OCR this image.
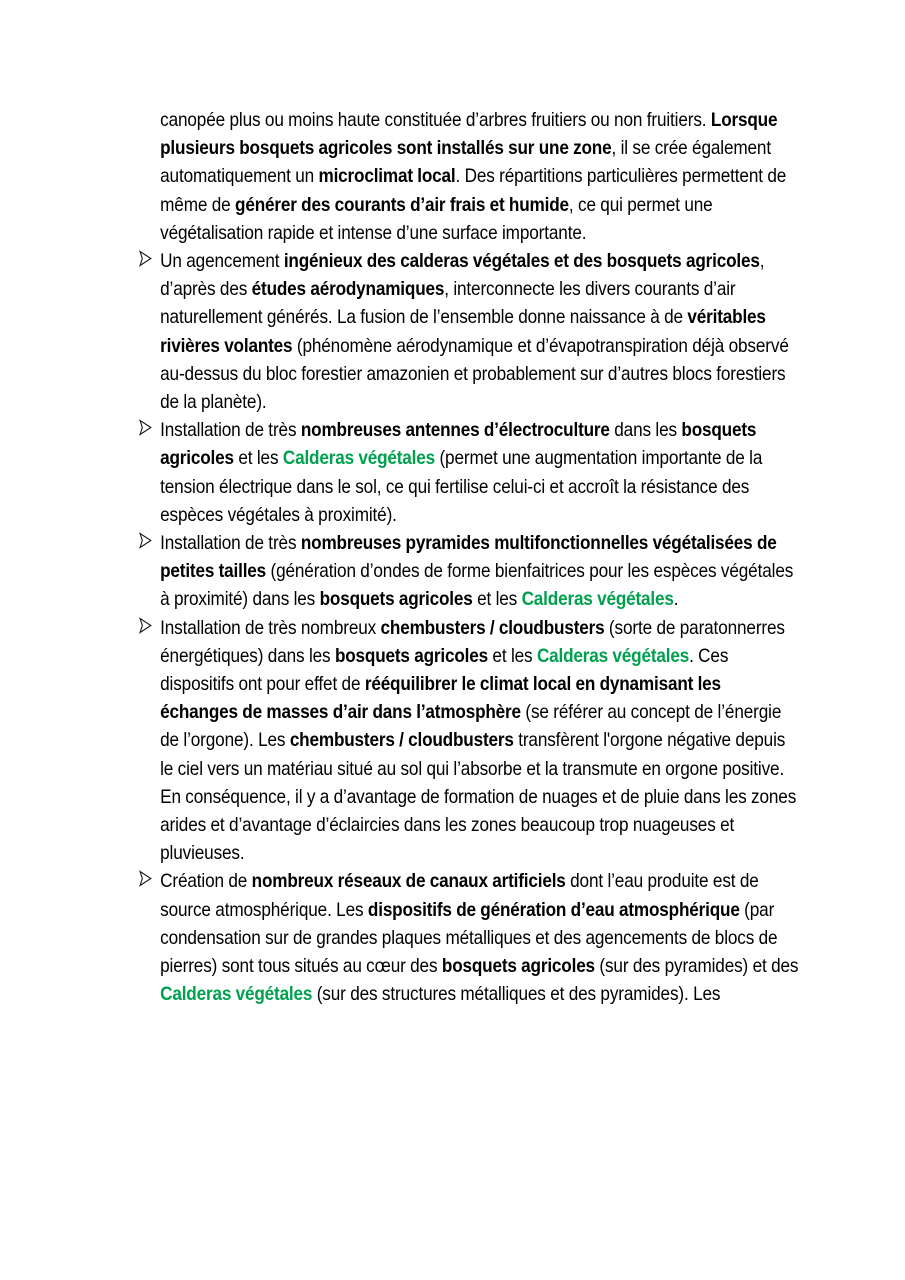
canopée plus ou moins haute constituée d’arbres fruitiers ou non fruitiers. Lorsque plusieurs bosquets agricoles sont installés sur une zone, il se crée également automatiquement un microclimat local. Des répartitions particulières permettent de même de générer des courants d’air frais et humide, ce qui permet une végétalisation rapide et intense d’une surface importante.
Un agencement ingénieux des calderas végétales et des bosquets agricoles, d’après des études aérodynamiques, interconnecte les divers courants d’air naturellement générés. La fusion de l’ensemble donne naissance à de véritables rivières volantes (phénomène aérodynamique et d’évapotranspiration déjà observé au-dessus du bloc forestier amazonien et probablement sur d’autres blocs forestiers de la planète).
Installation de très nombreuses antennes d’électroculture dans les bosquets agricoles et les Calderas végétales (permet une augmentation importante de la tension électrique dans le sol, ce qui fertilise celui-ci et accroît la résistance des espèces végétales à proximité).
Installation de très nombreuses pyramides multifonctionnelles végétalisées de petites tailles (génération d’ondes de forme bienfaitrices pour les espèces végétales à proximité) dans les bosquets agricoles et les Calderas végétales.
Installation de très nombreux chembusters / cloudbusters (sorte de paratonnerres énergétiques) dans les bosquets agricoles et les Calderas végétales. Ces dispositifs ont pour effet de rééquilibrer le climat local en dynamisant les échanges de masses d’air dans l’atmosphère (se référer au concept de l’énergie de l’orgone). Les chembusters / cloudbusters transfèrent l'orgone négative depuis le ciel vers un matériau situé au sol qui l’absorbe et la transmute en orgone positive. En conséquence, il y a d’avantage de formation de nuages et de pluie dans les zones arides et d’avantage d’éclaircies dans les zones beaucoup trop nuageuses et pluvieuses.
Création de nombreux réseaux de canaux artificiels dont l’eau produite est de source atmosphérique. Les dispositifs de génération d’eau atmosphérique (par condensation sur de grandes plaques métalliques et des agencements de blocs de pierres) sont tous situés au cœur des bosquets agricoles (sur des pyramides) et des Calderas végétales (sur des structures métalliques et des pyramides). Les
